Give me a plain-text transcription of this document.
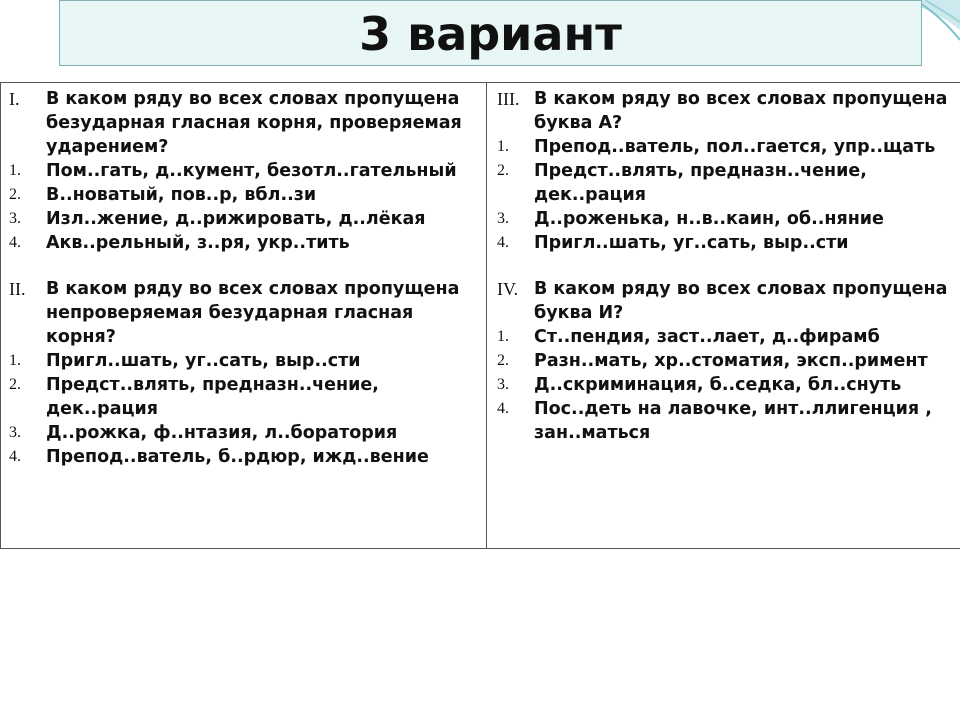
3 вариант
I.	В каком ряду во всех словах пропущена безударная гласная корня, проверяемая ударением?
1.	Пом..гать, д..кумент, безотл..гательный
2.	В..новатый, пов..р, вбл..зи
3.	Изл..жение, д..рижировать, д..лёкая
4.	Акв..рельный, з..ря, укр..тить
II.	В каком ряду во всех словах пропущена непроверяемая безударная гласная корня?
1.	Пригл..шать, уг..сать, выр..сти
2.	Предст..влять, предназн..чение, дек..рация
3.	Д..рожка, ф..нтазия, л..боратория
4.	Препод..ватель, б..рдюр, ижд..вение
III. В каком ряду во всех словах пропущена буква А?
1.	Препод..ватель, пол..гается, упр..щать
2.	Предст..влять, предназн..чение, дек..рация
3.	Д..роженька, н..в..каин, об..няние
4.	Пригл..шать, уг..сать, выр..сти
IV. В каком ряду во всех словах пропущена буква И?
1.	Ст..пендия, заст..лает, д..фирамб
2.	Разн..мать, хр..стоматия, эксп..римент
3.	Д..скриминация, б..седка, бл..снуть
4.	Пос..деть на лавочке, инт..ллигенция , зан..маться
